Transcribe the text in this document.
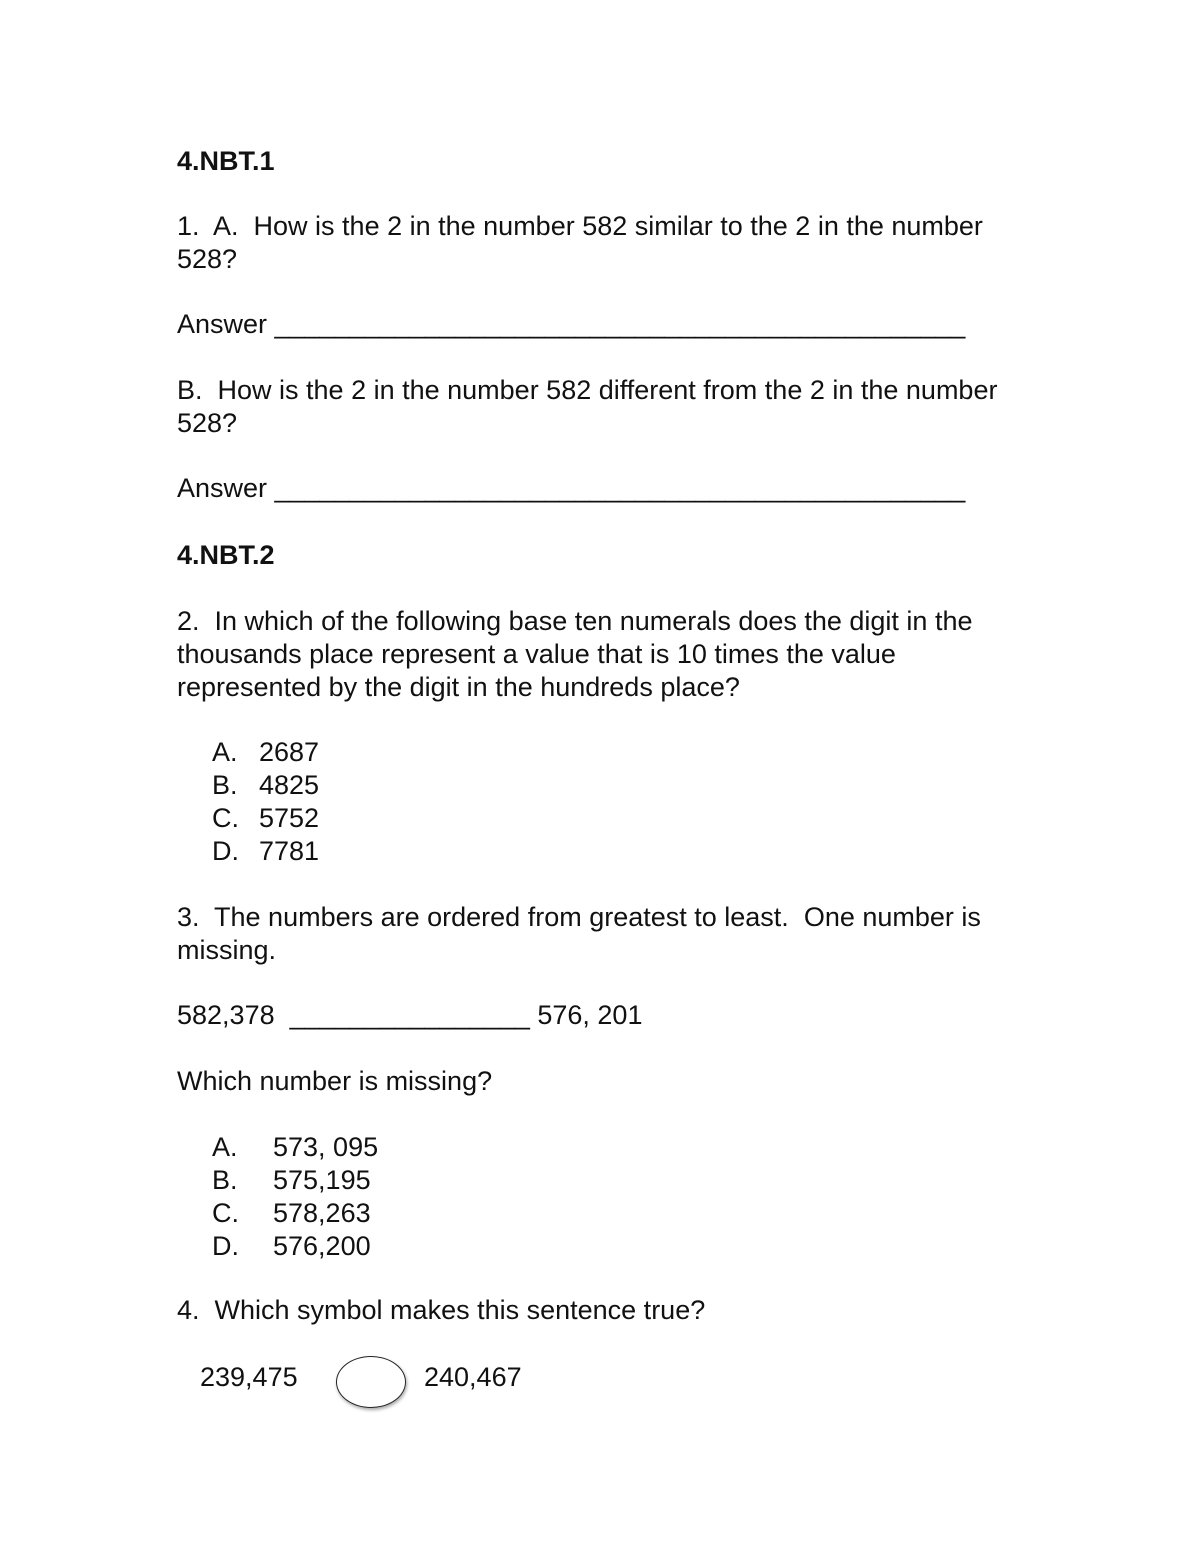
4.NBT.1
1.  A.  How is the 2 in the number 582 similar to the 2 in the number
528?
Answer ______________________________________________
B.  How is the 2 in the number 582 different from the 2 in the number
528?
Answer ______________________________________________
4.NBT.2
2.  In which of the following base ten numerals does the digit in the
thousands place represent a value that is 10 times the value
represented by the digit in the hundreds place?
A. 2687
B. 4825
C. 5752
D. 7781
3.  The numbers are ordered from greatest to least.  One number is
missing.
582,378  ________________ 576, 201
Which number is missing?
A. 573, 095
B. 575,195
C. 578,263
D. 576,200
4.  Which symbol makes this sentence true?
239,475	240,467
